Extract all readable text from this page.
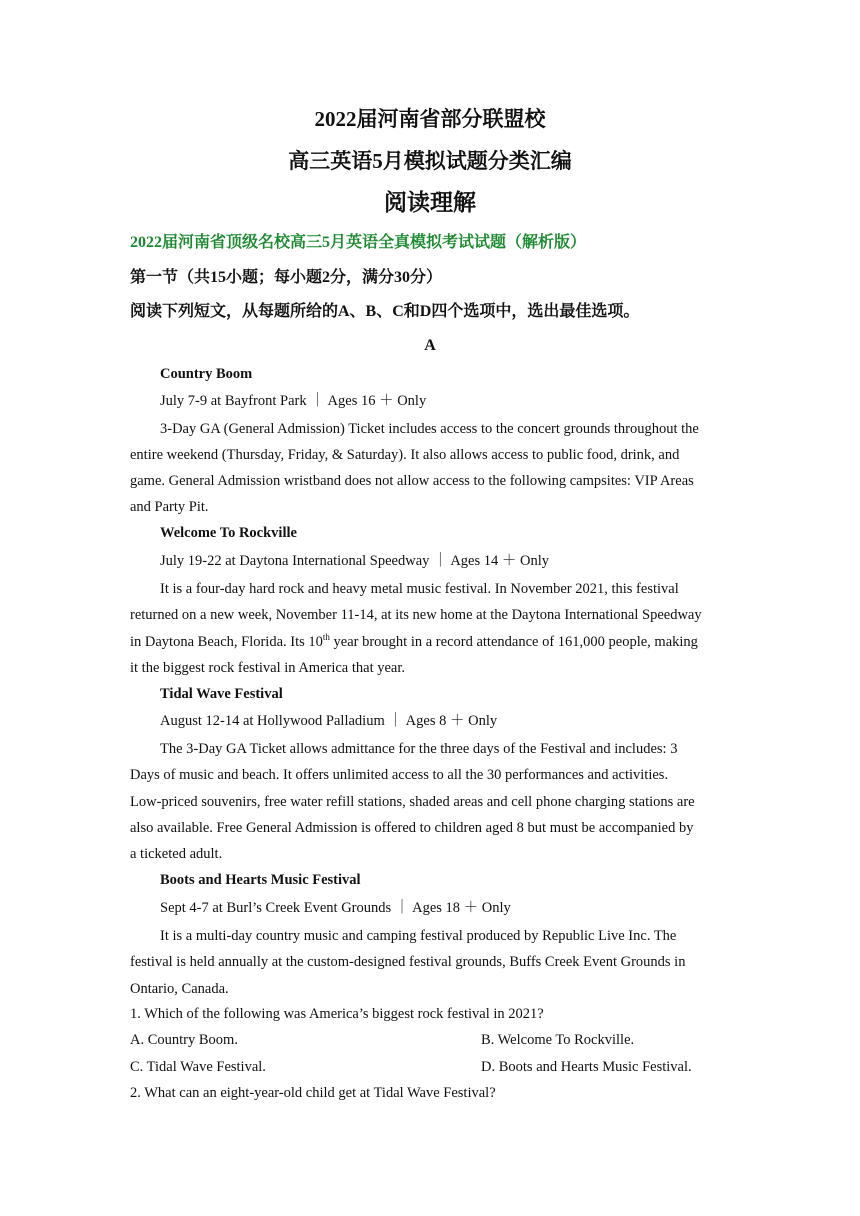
2022届河南省部分联盟校
高三英语5月模拟试题分类汇编
阅读理解
2022届河南省顶级名校高三5月英语全真模拟考试试题（解析版）
第一节（共15小题；每小题2分，满分30分）
阅读下列短文，从每题所给的A、B、C和D四个选项中，选出最佳选项。
A
Country Boom
July 7-9 at Bayfront Park ｜ Ages 16 ＋ Only
3-Day GA (General Admission) Ticket includes access to the concert grounds throughout the
entire weekend (Thursday, Friday, & Saturday). It also allows access to public food, drink, and
game. General Admission wristband does not allow access to the following campsites: VIP Areas
and Party Pit.
Welcome To Rockville
July 19-22 at Daytona International Speedway ｜ Ages 14 ＋ Only
It is a four-day hard rock and heavy metal music festival. In November 2021, this festival
returned on a new week, November 11-14, at its new home at the Daytona International Speedway
in Daytona Beach, Florida. Its 10th year brought in a record attendance of 161,000 people, making
it the biggest rock festival in America that year.
Tidal Wave Festival
August 12-14 at Hollywood Palladium ｜ Ages 8 ＋ Only
The 3-Day GA Ticket allows admittance for the three days of the Festival and includes: 3
Days of music and beach. It offers unlimited access to all the 30 performances and activities.
Low-priced souvenirs, free water refill stations, shaded areas and cell phone charging stations are
also available. Free General Admission is offered to children aged 8 but must be accompanied by
a ticketed adult.
Boots and Hearts Music Festival
Sept 4-7 at Burl’s Creek Event Grounds ｜ Ages 18 ＋ Only
It is a multi-day country music and camping festival produced by Republic Live Inc. The
festival is held annually at the custom-designed festival grounds, Buffs Creek Event Grounds in
Ontario, Canada.
1. Which of the following was America’s biggest rock festival in 2021?
A. Country Boom.	B. Welcome To Rockville.
C. Tidal Wave Festival.	D. Boots and Hearts Music Festival.
2. What can an eight-year-old child get at Tidal Wave Festival?
